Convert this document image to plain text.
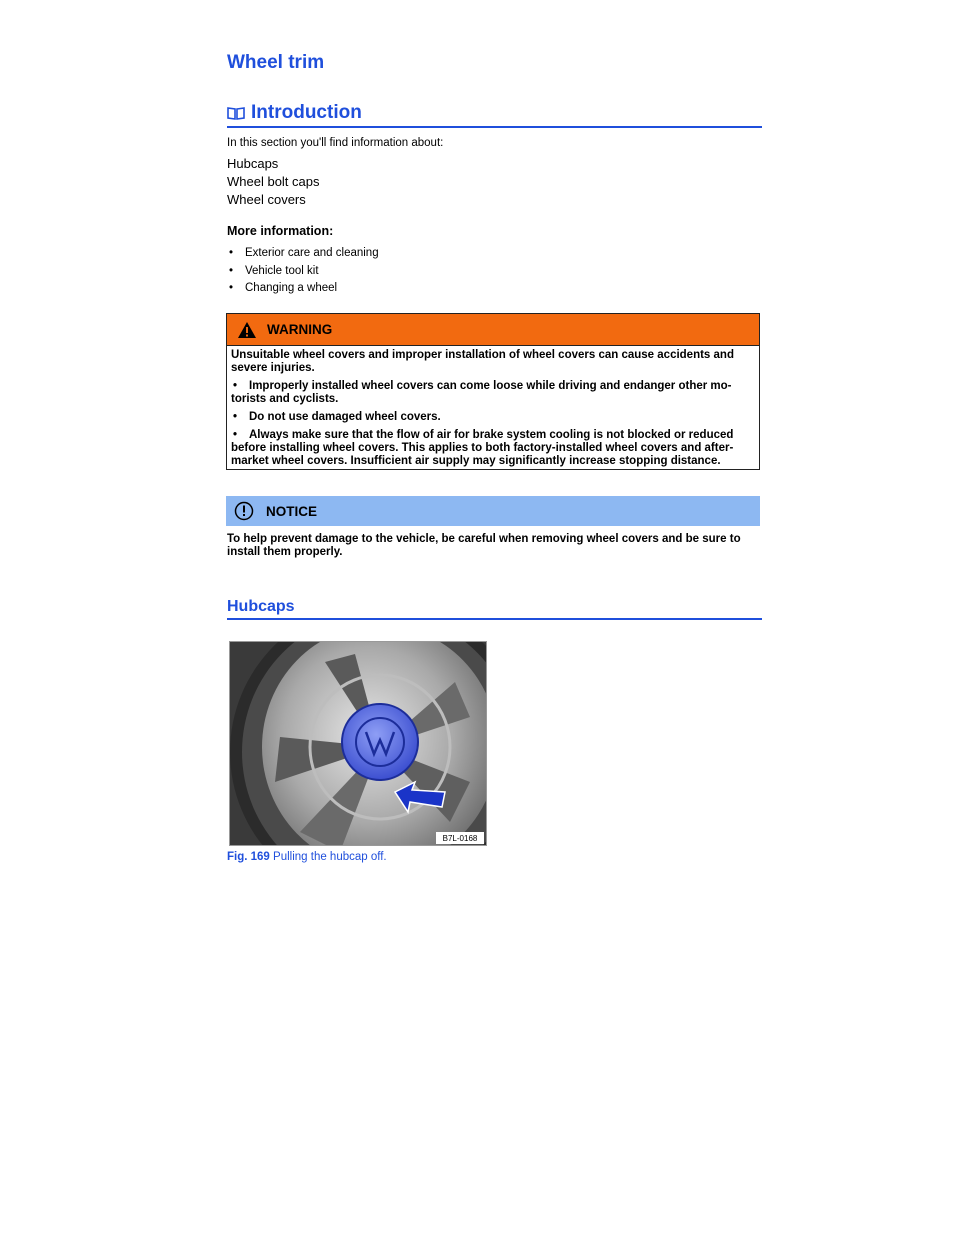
Wheel trim
Introduction

In this section you'll find information about:

Hubcaps
Wheel bolt caps
Wheel covers

More information:

• Exterior care and cleaning
• Vehicle tool kit
• Changing a wheel
WARNING

Unsuitable wheel covers and improper installation of wheel covers can cause accidents and severe injuries.

• Improperly installed wheel covers can come loose while driving and endanger other mo-
torists and cyclists.

• Do not use damaged wheel covers.

• Always make sure that the flow of air for brake system cooling is not blocked or reduced
before installing wheel covers. This applies to both factory-installed wheel covers and after-
market wheel covers. Insufficient air supply may significantly increase stopping distance.

NOTICE

To help prevent damage to the vehicle, be careful when removing wheel covers and be sure to
install them properly.

Hubcaps
B7L-0168

Fig. 169 Pulling the hubcap off.
